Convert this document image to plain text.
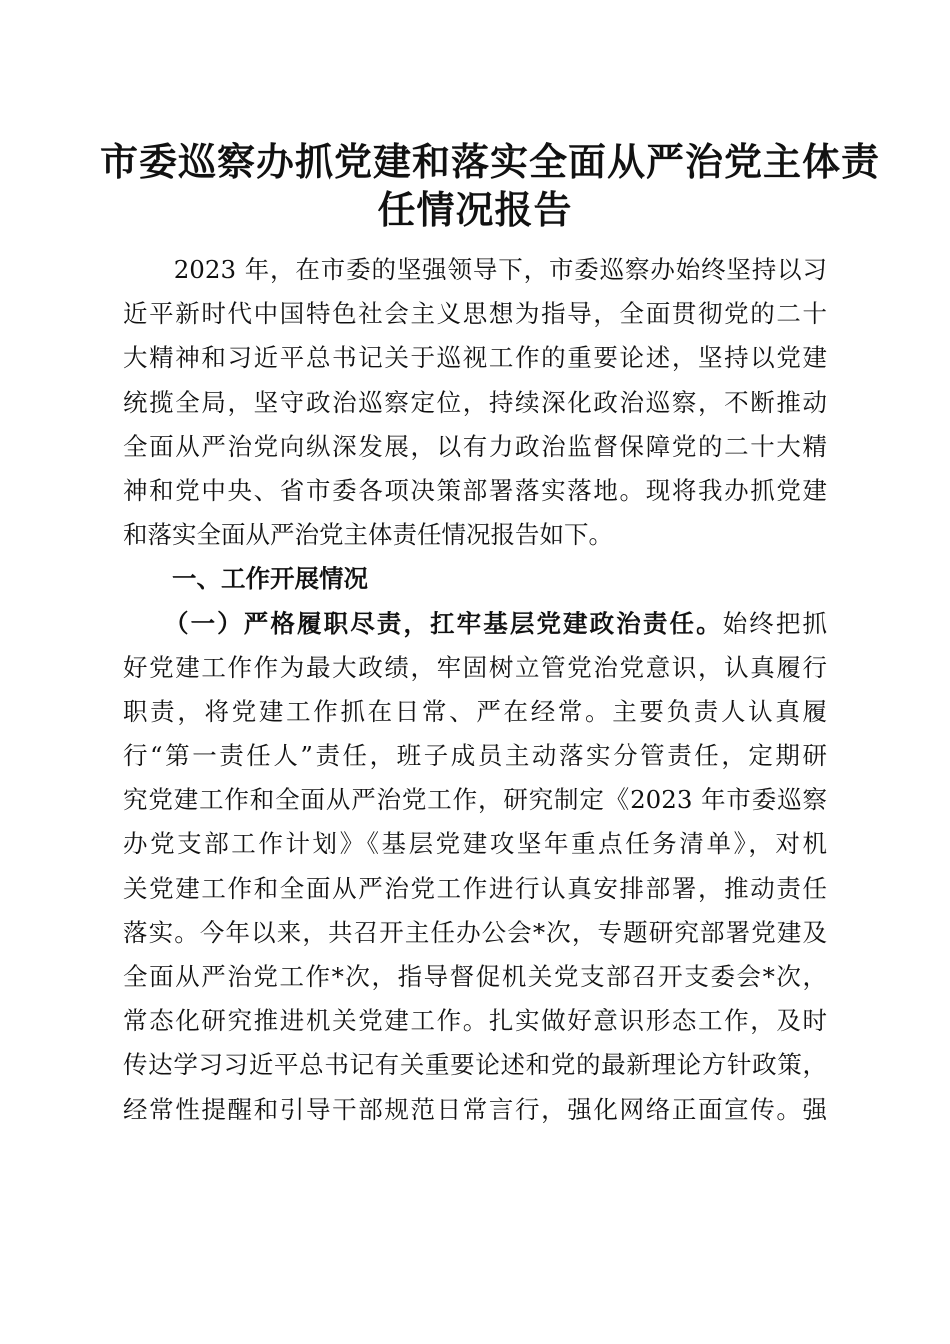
市委巡察办抓党建和落实全面从严治党主体责
任情况报告
　　2023 年，在市委的坚强领导下，市委巡察办始终坚持以习
近平新时代中国特色社会主义思想为指导，全面贯彻党的二十
大精神和习近平总书记关于巡视工作的重要论述，坚持以党建
统揽全局，坚守政治巡察定位，持续深化政治巡察，不断推动
全面从严治党向纵深发展，以有力政治监督保障党的二十大精
神和党中央、省市委各项决策部署落实落地。现将我办抓党建
和落实全面从严治党主体责任情况报告如下。
　　一、工作开展情况
　　（一）严格履职尽责，扛牢基层党建政治责任。始终把抓
好党建工作作为最大政绩，牢固树立管党治党意识，认真履行
职责，将党建工作抓在日常、严在经常。主要负责人认真履
行“第一责任人”责任，班子成员主动落实分管责任，定期研
究党建工作和全面从严治党工作，研究制定《2023 年市委巡察
办党支部工作计划》《基层党建攻坚年重点任务清单》，对机
关党建工作和全面从严治党工作进行认真安排部署，推动责任
落实。今年以来，共召开主任办公会*次，专题研究部署党建及
全面从严治党工作*次，指导督促机关党支部召开支委会*次，
常态化研究推进机关党建工作。扎实做好意识形态工作，及时
传达学习习近平总书记有关重要论述和党的最新理论方针政策，
经常性提醒和引导干部规范日常言行，强化网络正面宣传。强
